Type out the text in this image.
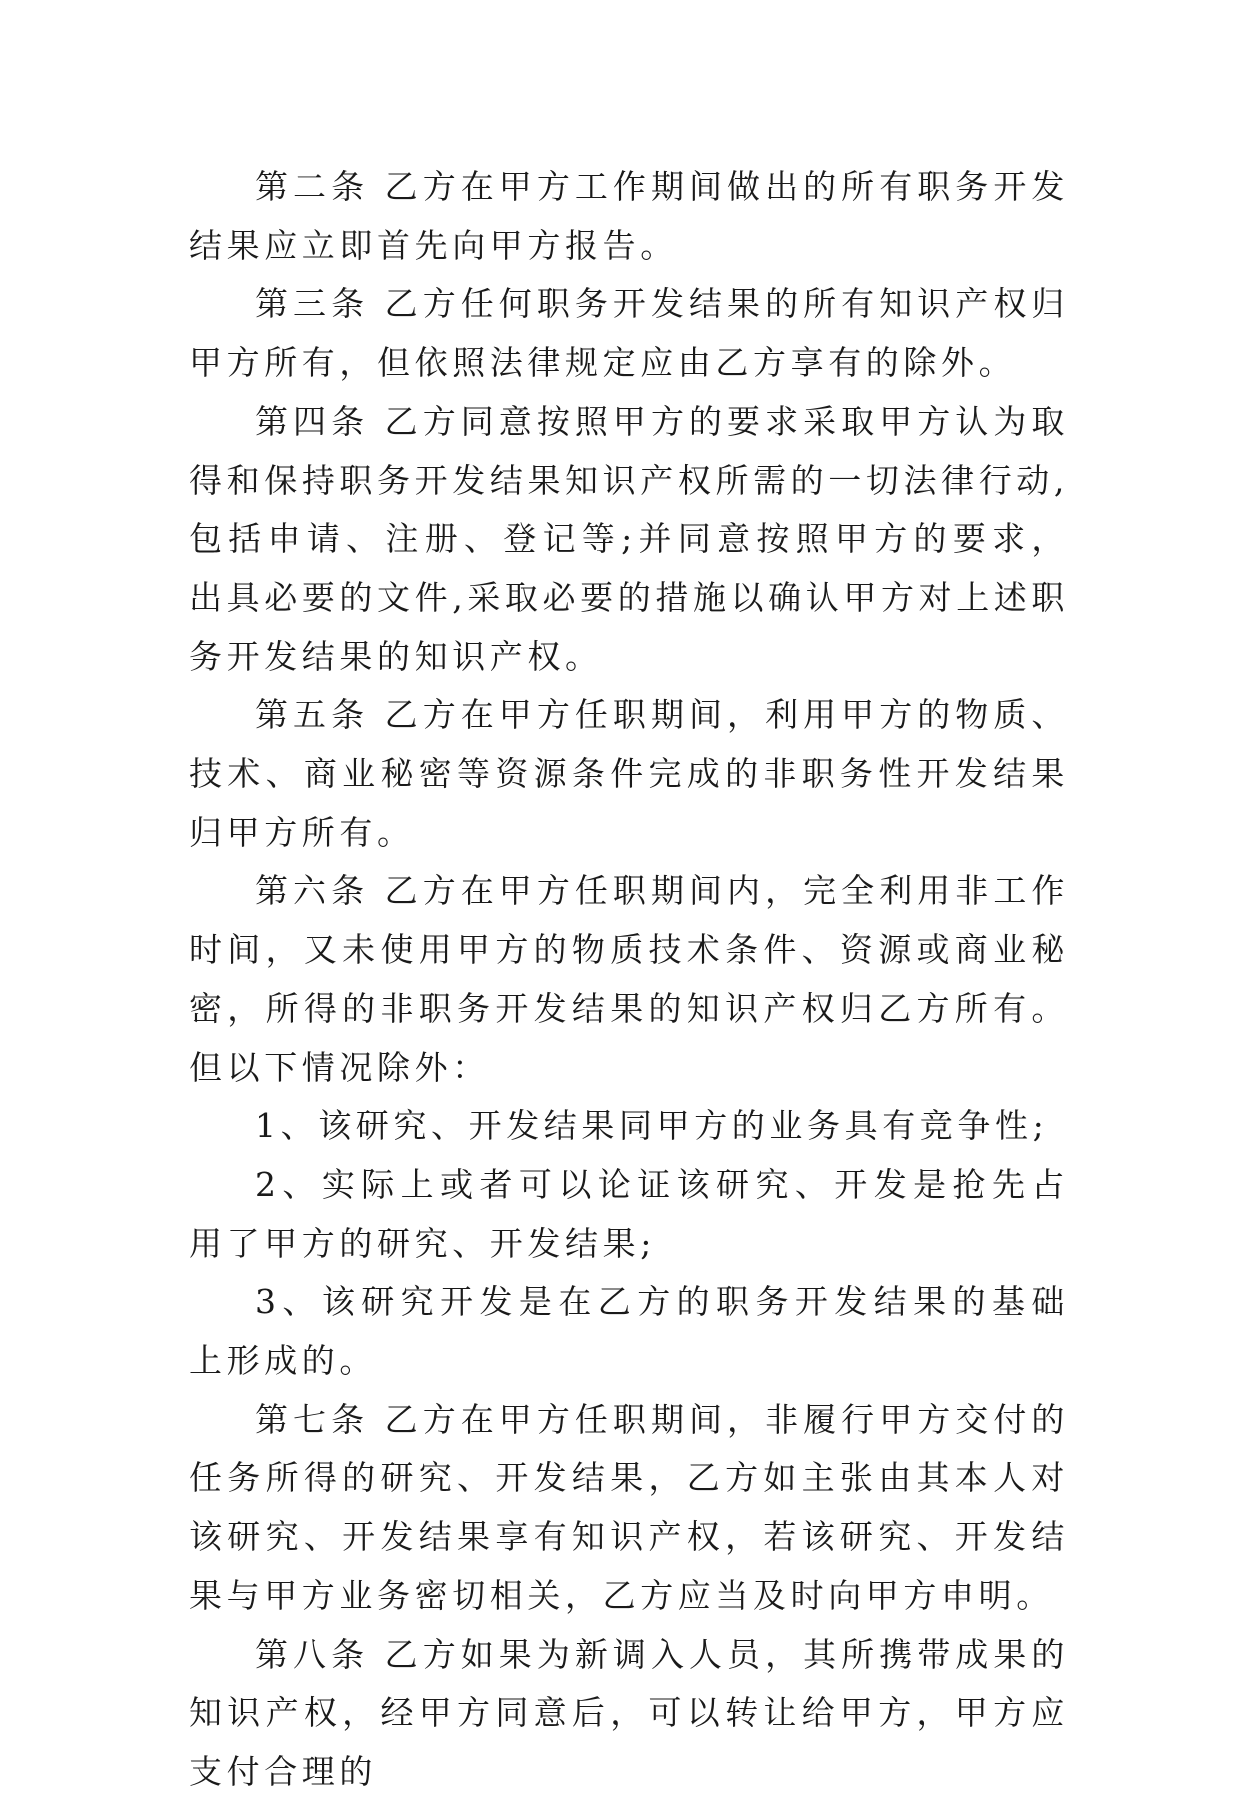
第二条 乙方在甲方工作期间做出的所有职务开发结果应立即首先向甲方报告。

第三条 乙方任何职务开发结果的所有知识产权归甲方所有，但依照法律规定应由乙方享有的除外。

第四条 乙方同意按照甲方的要求采取甲方认为取得和保持职务开发结果知识产权所需的一切法律行动,包括申请、注册、登记等;并同意按照甲方的要求，出具必要的文件,采取必要的措施以确认甲方对上述职务开发结果的知识产权。

第五条 乙方在甲方任职期间，利用甲方的物质、技术、商业秘密等资源条件完成的非职务性开发结果归甲方所有。

第六条 乙方在甲方任职期间内，完全利用非工作时间，又未使用甲方的物质技术条件、资源或商业秘密，所得的非职务开发结果的知识产权归乙方所有。但以下情况除外：

1、该研究、开发结果同甲方的业务具有竞争性;

2、实际上或者可以论证该研究、开发是抢先占用了甲方的研究、开发结果;

3、该研究开发是在乙方的职务开发结果的基础上形成的。

第七条 乙方在甲方任职期间，非履行甲方交付的任务所得的研究、开发结果，乙方如主张由其本人对该研究、开发结果享有知识产权，若该研究、开发结果与甲方业务密切相关，乙方应当及时向甲方申明。

第八条 乙方如果为新调入人员，其所携带成果的知识产权，经甲方同意后，可以转让给甲方，甲方应支付合理的
